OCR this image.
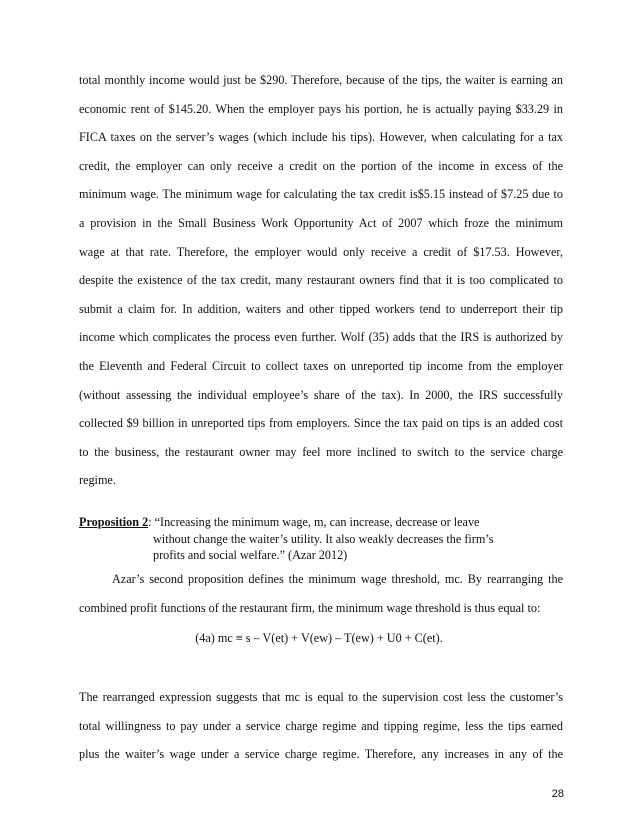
total monthly income would just be $290. Therefore, because of the tips, the waiter is earning an
economic rent of $145.20. When the employer pays his portion, he is actually paying $33.29 in
FICA taxes on the server’s wages (which include his tips). However, when calculating for a tax
credit, the employer can only receive a credit on the portion of the income in excess of the
minimum wage. The minimum wage for calculating the tax credit is$5.15 instead of $7.25 due to
a provision in the Small Business Work Opportunity Act of 2007 which froze the minimum
wage at that rate. Therefore, the employer would only receive a credit of $17.53. However,
despite the existence of the tax credit, many restaurant owners find that it is too complicated to
submit a claim for. In addition, waiters and other tipped workers tend to underreport their tip
income which complicates the process even further. Wolf (35) adds that the IRS is authorized by
the Eleventh and Federal Circuit to collect taxes on unreported tip income from the employer
(without assessing the individual employee’s share of the tax). In 2000, the IRS successfully
collected $9 billion in unreported tips from employers. Since the tax paid on tips is an added cost
to the business, the restaurant owner may feel more inclined to switch to the service charge
regime.
Proposition 2: “Increasing the minimum wage, m, can increase, decrease or leave
without change the waiter’s utility. It also weakly decreases the firm’s
profits and social welfare.” (Azar 2012)
Azar’s second proposition defines the minimum wage threshold, mc. By rearranging the
combined profit functions of the restaurant firm, the minimum wage threshold is thus equal to:
(4a) mc ≡ s – V(et) + V(ew) – T(ew) + U0 + C(et).
The rearranged expression suggests that mc is equal to the supervision cost less the customer’s
total willingness to pay under a service charge regime and tipping regime, less the tips earned
plus the waiter’s wage under a service charge regime. Therefore, any increases in any of the
28
